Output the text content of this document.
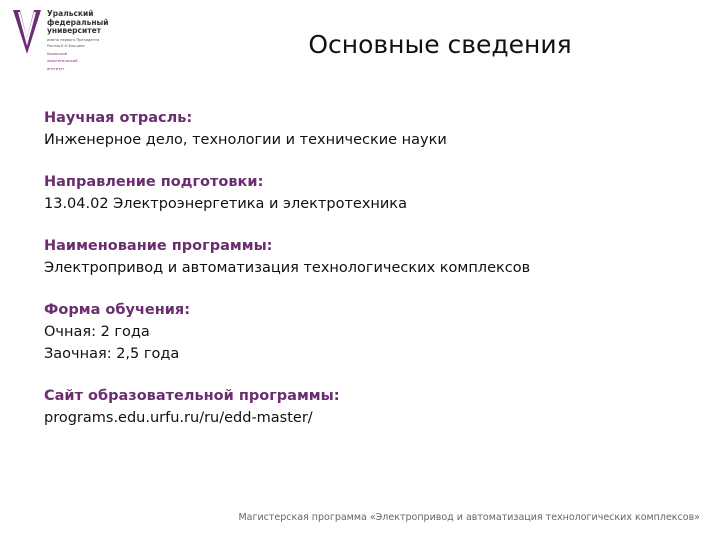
Уральский
федеральный
университет
имени первого Президента
России Б.Н.Ельцина
Уральский
энергетический
институт
Основные сведения
Научная отрасль:
Инженерное дело, технологии и технические науки
Направление подготовки:
13.04.02 Электроэнергетика и электротехника
Наименование программы:
Электропривод и автоматизация технологических комплексов
Форма обучения:
Очная: 2 года
Заочная: 2,5 года
Сайт образовательной программы:
programs.edu.urfu.ru/ru/edd-master/
Магистерская программа «Электропривод и автоматизация технологических комплексов»
